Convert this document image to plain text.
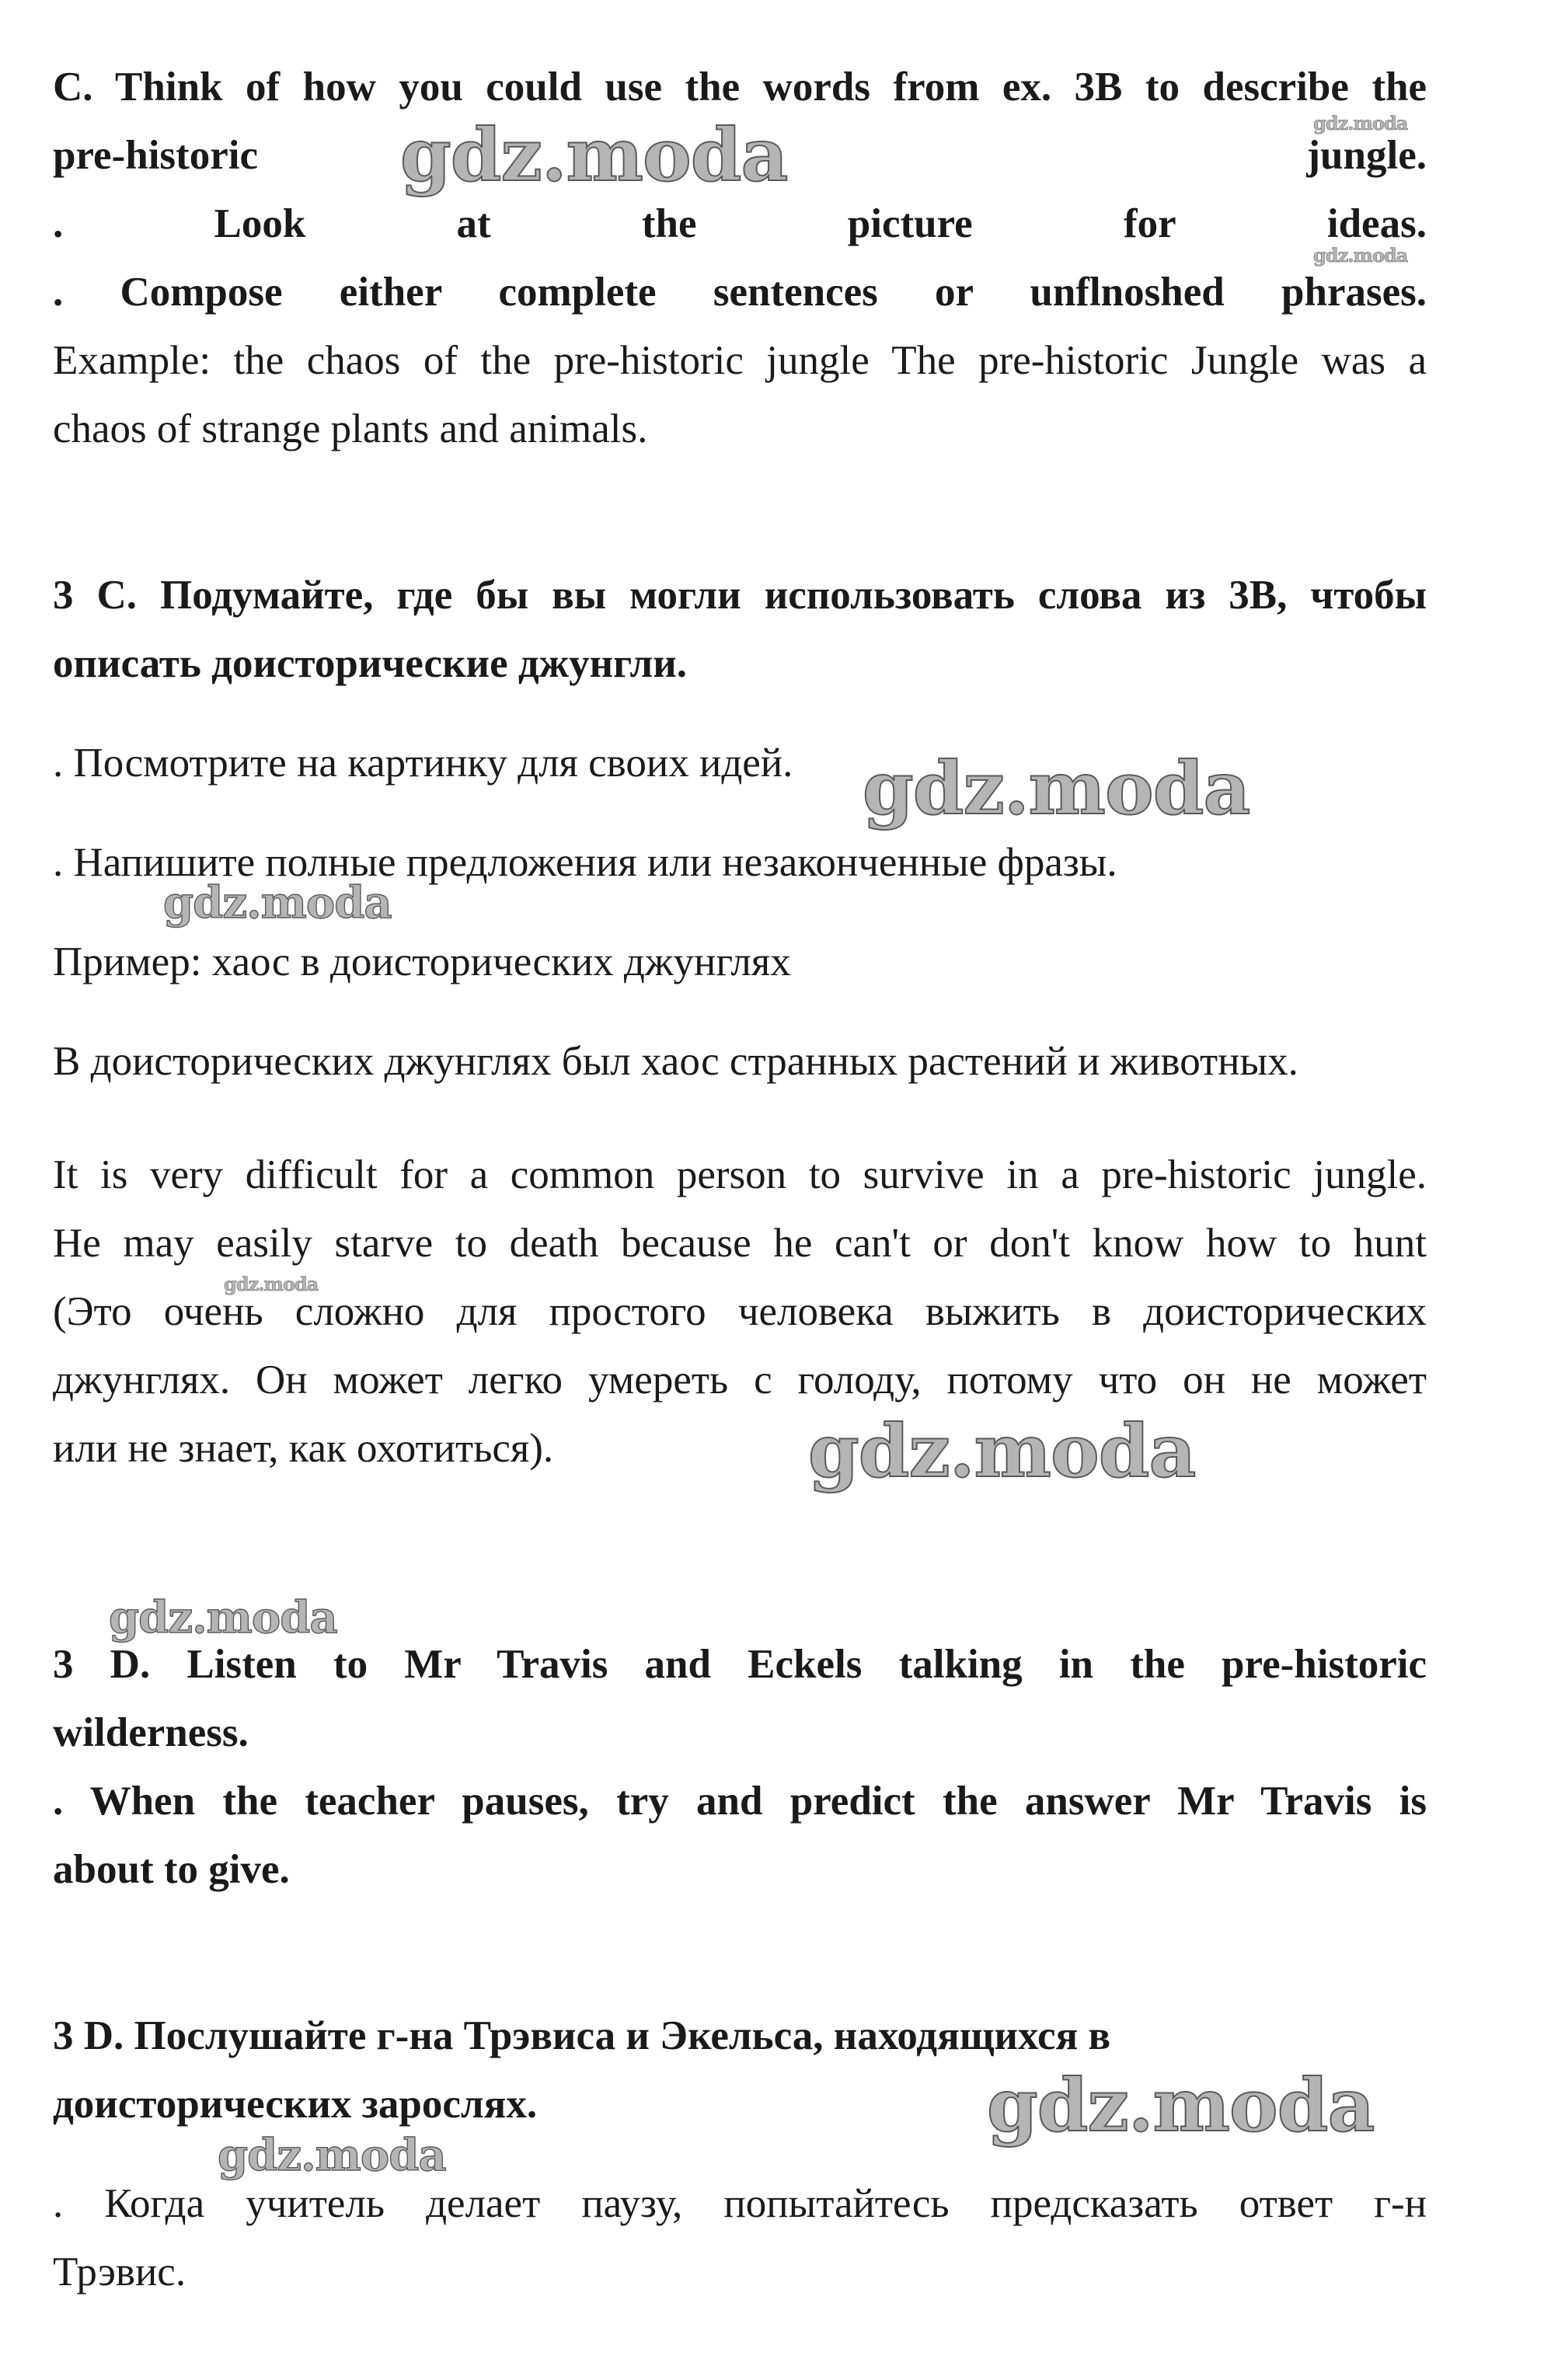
C. Think of how you could use the words from ex. 3B to describe the
pre-historic	jungle.
.	Look	at	the	picture	for	ideas.
. Compose either complete sentences or unflnoshed phrases.
Example: the chaos of the pre-historic jungle The pre-historic Jungle was a
chaos of strange plants and animals.
3 С. Подумайте, где бы вы могли использовать слова из 3В, чтобы
описать доисторические джунгли.
. Посмотрите на картинку для своих идей.
. Напишите полные предложения или незаконченные фразы.
Пример: хаос в доисторических джунглях
В доисторических джунглях был хаос странных растений и животных.
It is very difficult for a common person to survive in a pre-historic jungle.
He may easily starve to death because he can't or don't know how to hunt
(Это очень сложно для простого человека выжить в доисторических
джунглях. Он может легко умереть с голоду, потому что он не может
или не знает, как охотиться).
3 D. Listen to Mr Travis and Eckels talking in the pre-historic
wilderness.
. When the teacher pauses, try and predict the answer Mr Travis is
about to give.
3 D. Послушайте г-на Трэвиса и Экельса, находящихся в
доисторических зарослях.
. Когда учитель делает паузу, попытайтесь предсказать ответ г-н
Трэвис.
gdz.moda	gdz.moda
gdz.moda
gdz.moda
gdz.moda
gdz.moda
gdz.moda
gdz.moda
gdz.moda
gdz.moda
